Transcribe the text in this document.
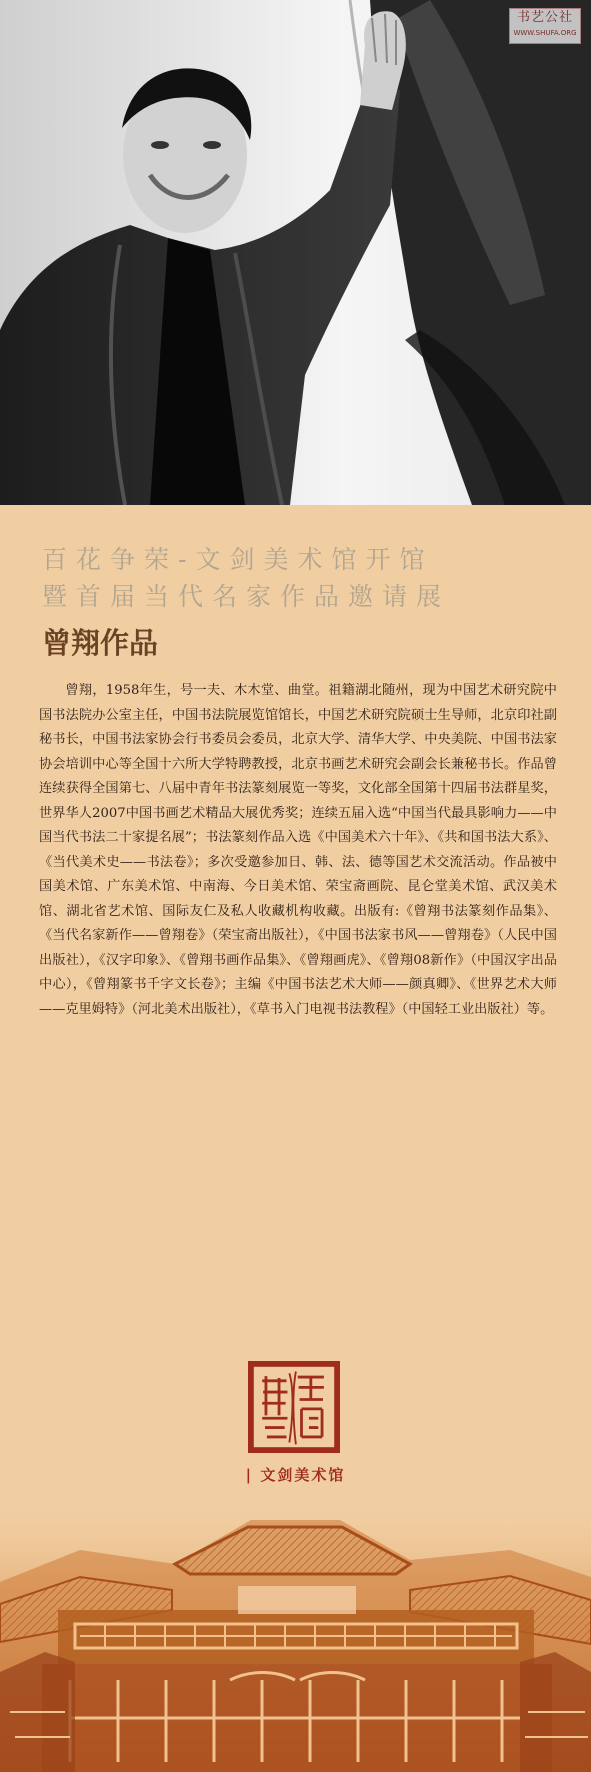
书艺公社
WWW.SHUFA.ORG
百花争荣-文剑美术馆开馆
暨首届当代名家作品邀请展
曾翔作品
曾翔，1958年生，号一夫、木木堂、曲堂。祖籍湖北随州，现为中国艺术研究院中国书法院办公室主任，中国书法院展览馆馆长，中国艺术研究院硕士生导师，北京印社副秘书长，中国书法家协会行书委员会委员，北京大学、清华大学、中央美院、中国书法家协会培训中心等全国十六所大学特聘教授，北京书画艺术研究会副会长兼秘书长。作品曾连续获得全国第七、八届中青年书法篆刻展览一等奖，文化部全国第十四届书法群星奖，世界华人2007中国书画艺术精品大展优秀奖；连续五届入选“中国当代最具影响力——中国当代书法二十家提名展”；书法篆刻作品入选《中国美术六十年》、《共和国书法大系》、《当代美术史——书法卷》；多次受邀参加日、韩、法、德等国艺术交流活动。作品被中国美术馆、广东美术馆、中南海、今日美术馆、荣宝斋画院、昆仑堂美术馆、武汉美术馆、湖北省艺术馆、国际友仁及私人收藏机构收藏。出版有:《曾翔书法篆刻作品集》、《当代名家新作——曾翔卷》（荣宝斋出版社），《中国书法家书风——曾翔卷》（人民中国出版社），《汉字印象》、《曾翔书画作品集》、《曾翔画虎》、《曾翔08新作》（中国汉字出品中心），《曾翔篆书千字文长卷》；主编《中国书法艺术大师——颜真卿》、《世界艺术大师——克里姆特》（河北美术出版社），《草书入门电视书法教程》（中国轻工业出版社）等。
| 文剑美术馆
